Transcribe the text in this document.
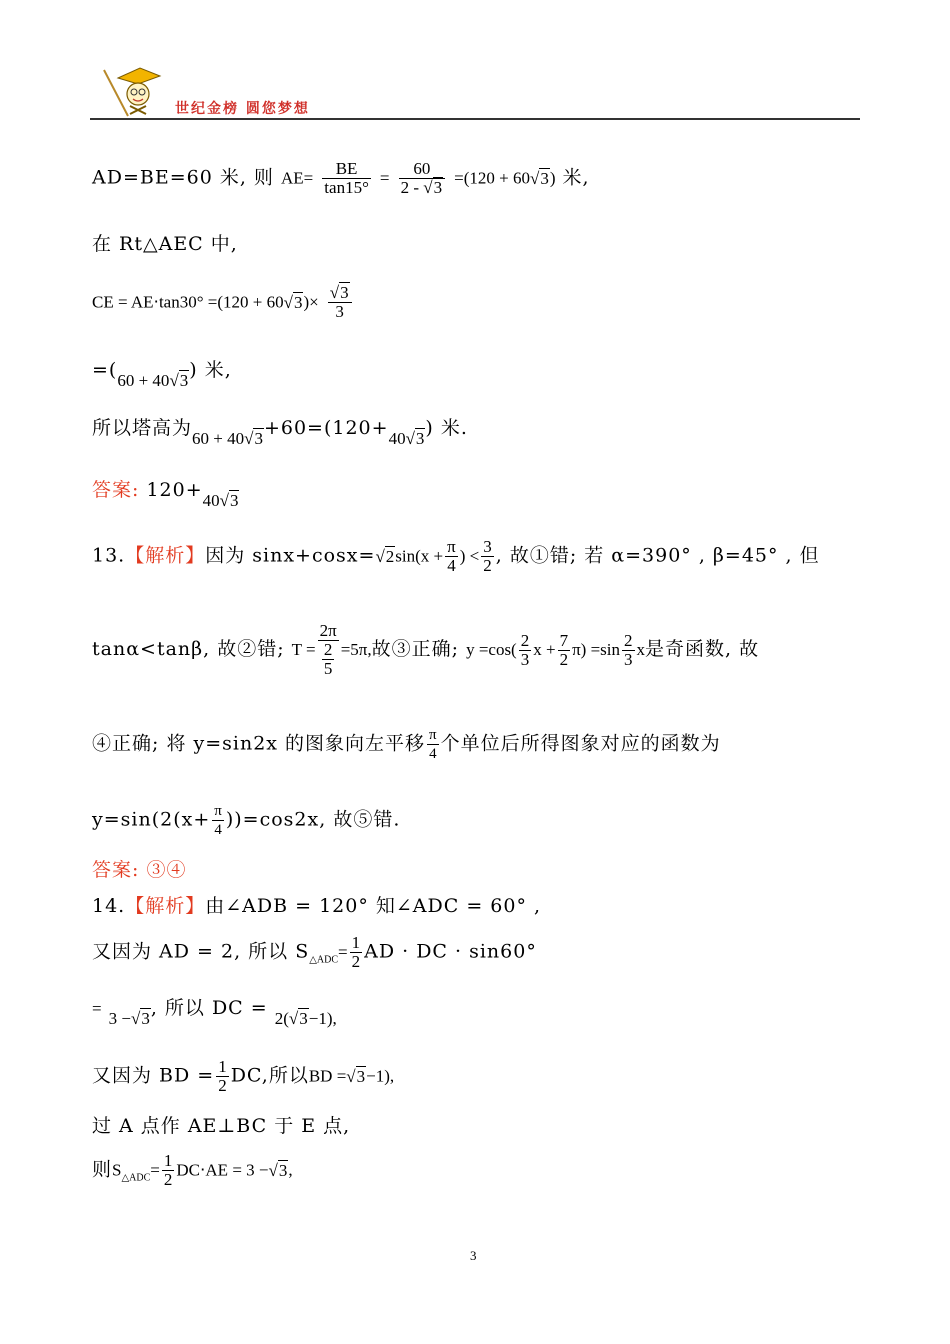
世纪金榜 圆您梦想
AD=BE=60 米, 则 $AE= \frac{BE}{\tan 15^\circ} = \frac{60}{2 - √3} =(120 + 60√3)$ 米,
在 Rt△AEC 中,
CE = $AE\cdot\tan 30^\circ =(120 + 60√3)\times \frac{√3}{3}$
=(60 + 40√3) 米,
所以塔高为60 + 40√3+60=(120+40√3) 米.
答案: 120+40√3
13.【解析】因为 $\sin x+\cos x=√2\sin(x + \frac{\pi}{4}$ ) < $\frac{3}{2}$ , 故①错; 若 α=390° , β=45° , 但
tanα<tanβ, 故②错; $T = \frac{2\pi}{\frac{2}{5}} =5\pi$,故③正确; $y =\cos( \frac{2}{3}$ $x + \frac{7}{2} \pi) =\sin \frac{2}{3}$ x是奇函数, 故
④正确; 将 y=sin2x 的图象向左平移 $\frac{\pi}{4}$ 个单位后所得图象对应的函数为
$y=\sin(2(x+ \frac{\pi}{4} ))=\cos 2x$, 故⑤错.
答案: ③④
14.【解析】由∠ADB = 120° 知∠ADC = 60° ,
又因为 AD = 2, 所以 $S_{\triangle ADC}= \frac{1}{2}$ AD · DC · sin60°
= 3 −√3, 所以 DC = 2(√3−1),
又因为 BD = $\frac{1}{2}$ DC,所以BD =√3−1),
过 A 点作 AE⊥BC 于 E 点,
则$S_{\triangle ADC}= \frac{1}{2} DC\cdot AE = 3 -√3$,
3
